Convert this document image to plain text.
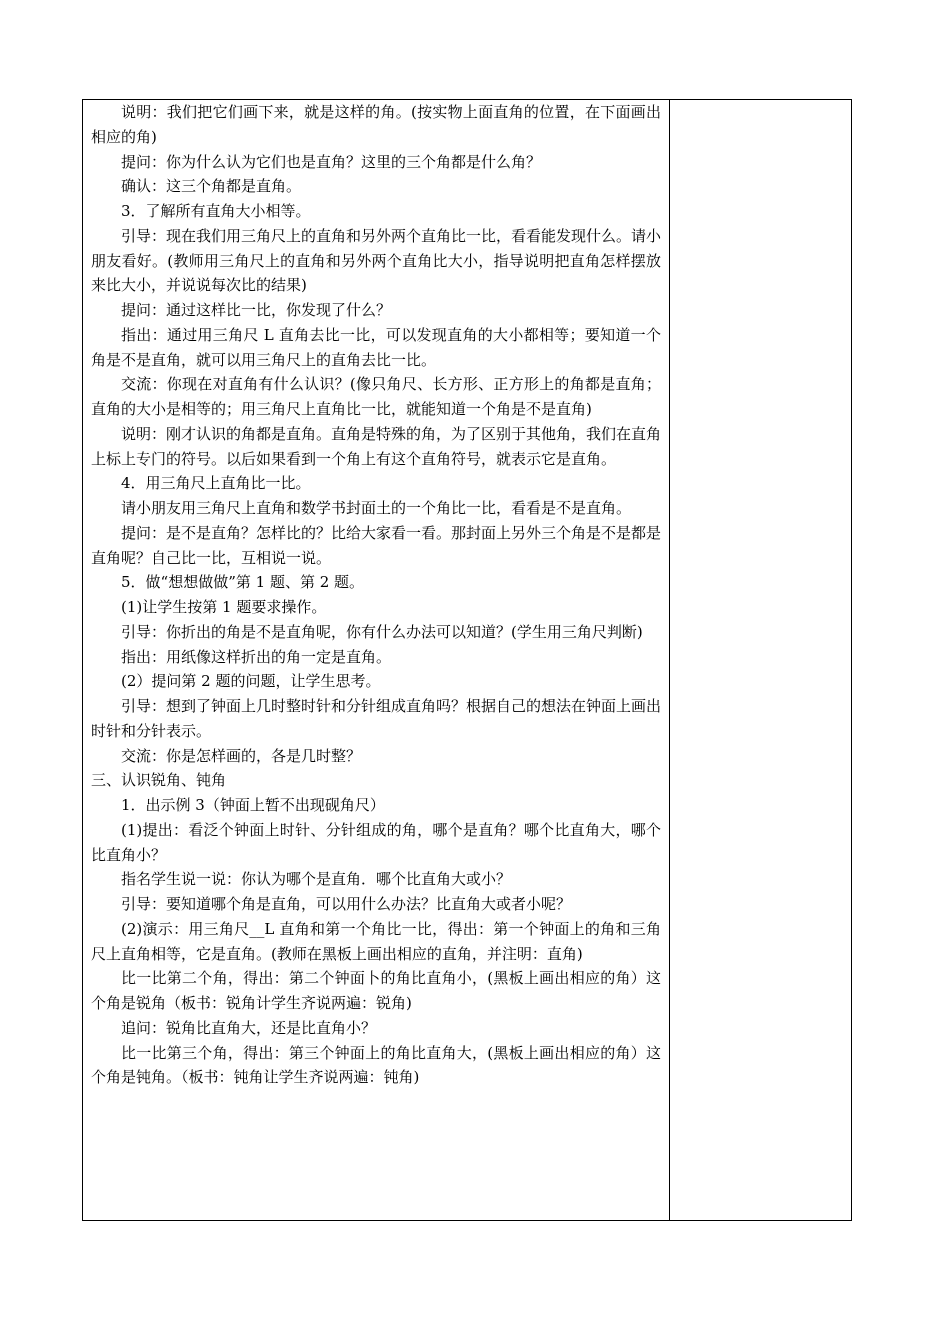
说明：我们把它们画下来，就是这样的角。(按实物上面直角的位置，在下面画出相应的角)

提问：你为什么认为它们也是直角？这里的三个角都是什么角？

确认：这三个角都是直角。

3．了解所有直角大小相等。

引导：现在我们用三角尺上的直角和另外两个直角比一比，看看能发现什么。请小朋友看好。(教师用三角尺上的直角和另外两个直角比大小，指导说明把直角怎样摆放来比大小，并说说每次比的结果)

提问：通过这样比一比，你发现了什么？

指出：通过用三角尺 L 直角去比一比，可以发现直角的大小都相等；要知道一个角是不是直角，就可以用三角尺上的直角去比一比。

交流：你现在对直角有什么认识？(像只角尺、长方形、正方形上的角都是直角；直角的大小是相等的；用三角尺上直角比一比，就能知道一个角是不是直角)

说明：刚才认识的角都是直角。直角是特殊的角，为了区别于其他角，我们在直角上标上专门的符号。以后如果看到一个角上有这个直角符号，就表示它是直角。

4．用三角尺上直角比一比。

请小朋友用三角尺上直角和数学书封面土的一个角比一比，看看是不是直角。

提问：是不是直角？怎样比的？比给大家看一看。那封面上另外三个角是不是都是直角呢？自己比一比，互相说一说。

5．做“想想做做”第 1 题、第 2 题。

(1)让学生按第 1 题要求操作。

引导：你折出的角是不是直角呢，你有什么办法可以知道？(学生用三角尺判断)

指出：用纸像这样折出的角一定是直角。

(2）提问第 2 题的问题，让学生思考。

引导：想到了钟面上几时整时针和分针组成直角吗？根据自己的想法在钟面上画出时针和分针表示。

交流：你是怎样画的，各是几时整？

三、认识锐角、钝角

1．出示例 3（钟面上暂不出现砚角尺）

(1)提出：看泛个钟面上时针、分针组成的角，哪个是直角？哪个比直角大，哪个比直角小？

指名学生说一说：你认为哪个是直角．哪个比直角大或小？

引导：要知道哪个角是直角，可以用什么办法？比直角大或者小呢？

(2)演示：用三角尺__L 直角和第一个角比一比，得出：第一个钟面上的角和三角尺上直角相等，它是直角。(教师在黑板上画出相应的直角，并注明：直角)

比一比第二个角，得出：第二个钟面卜的角比直角小，(黑板上画出相应的角）这个角是锐角（板书：锐角计学生齐说两遍：锐角)

追问：锐角比直角大，还是比直角小？

比一比第三个角，得出：第三个钟面上的角比直角大，(黑板上画出相应的角）这个角是钝角。（板书：钝角让学生齐说两遍：钝角)
